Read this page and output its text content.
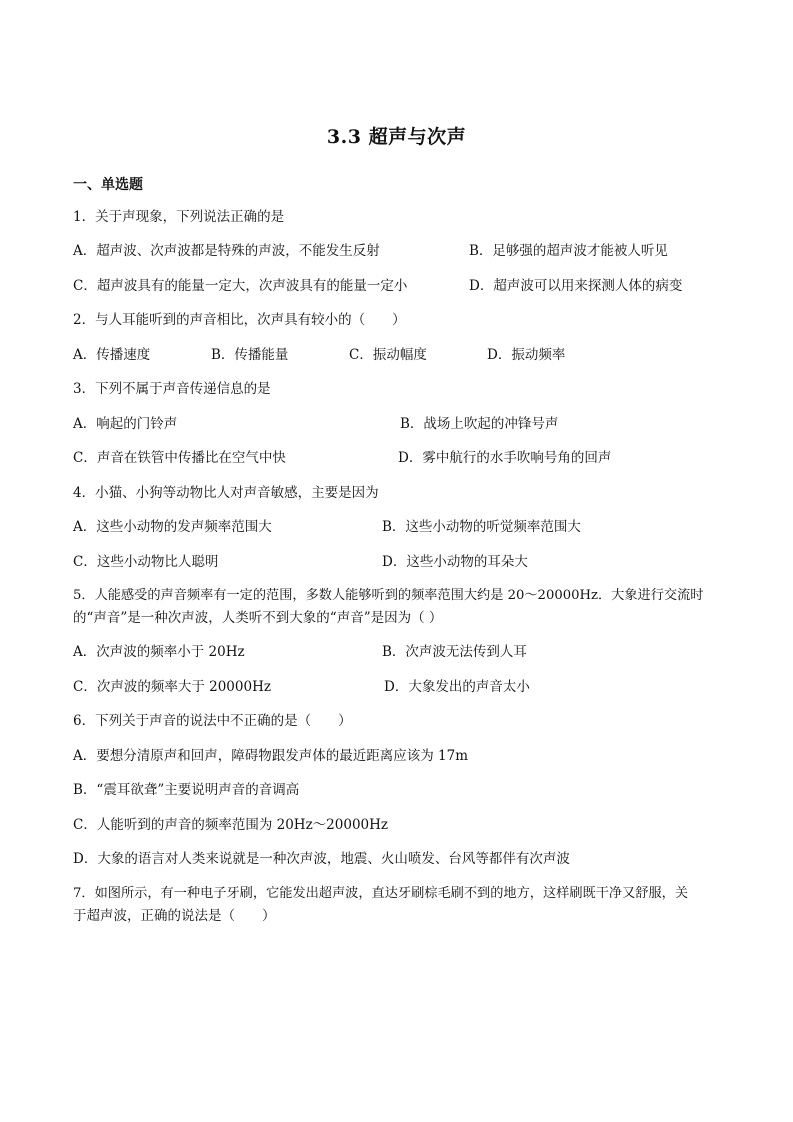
3.3 超声与次声
一、单选题
1．关于声现象，下列说法正确的是
A．超声波、次声波都是特殊的声波，不能发生反射	B．足够强的超声波才能被人听见
C．超声波具有的能量一定大，次声波具有的能量一定小	D．超声波可以用来探测人体的病变
2．与人耳能听到的声音相比，次声具有较小的（　　）
A．传播速度	B．传播能量	C．振动幅度	D．振动频率
3．下列不属于声音传递信息的是
A．响起的门铃声	B．战场上吹起的冲锋号声
C．声音在铁管中传播比在空气中快	D．雾中航行的水手吹响号角的回声
4．小猫、小狗等动物比人对声音敏感，主要是因为
A．这些小动物的发声频率范围大	B．这些小动物的听觉频率范围大
C．这些小动物比人聪明	D．这些小动物的耳朵大
5．人能感受的声音频率有一定的范围，多数人能够听到的频率范围大约是 20～20000Hz．大象进行交流时
的“声音”是一种次声波，人类听不到大象的“声音”是因为（ ）
A．次声波的频率小于 20Hz	B．次声波无法传到人耳
C．次声波的频率大于 20000Hz	D．大象发出的声音太小
6．下列关于声音的说法中不正确的是（　　）
A．要想分清原声和回声，障碍物跟发声体的最近距离应该为 17m
B．“震耳欲聋”主要说明声音的音调高
C．人能听到的声音的频率范围为 20Hz～20000Hz
D．大象的语言对人类来说就是一种次声波，地震、火山喷发、台风等都伴有次声波
7．如图所示，有一种电子牙刷，它能发出超声波，直达牙刷棕毛刷不到的地方，这样刷既干净又舒服，关
于超声波，正确的说法是（　　）
